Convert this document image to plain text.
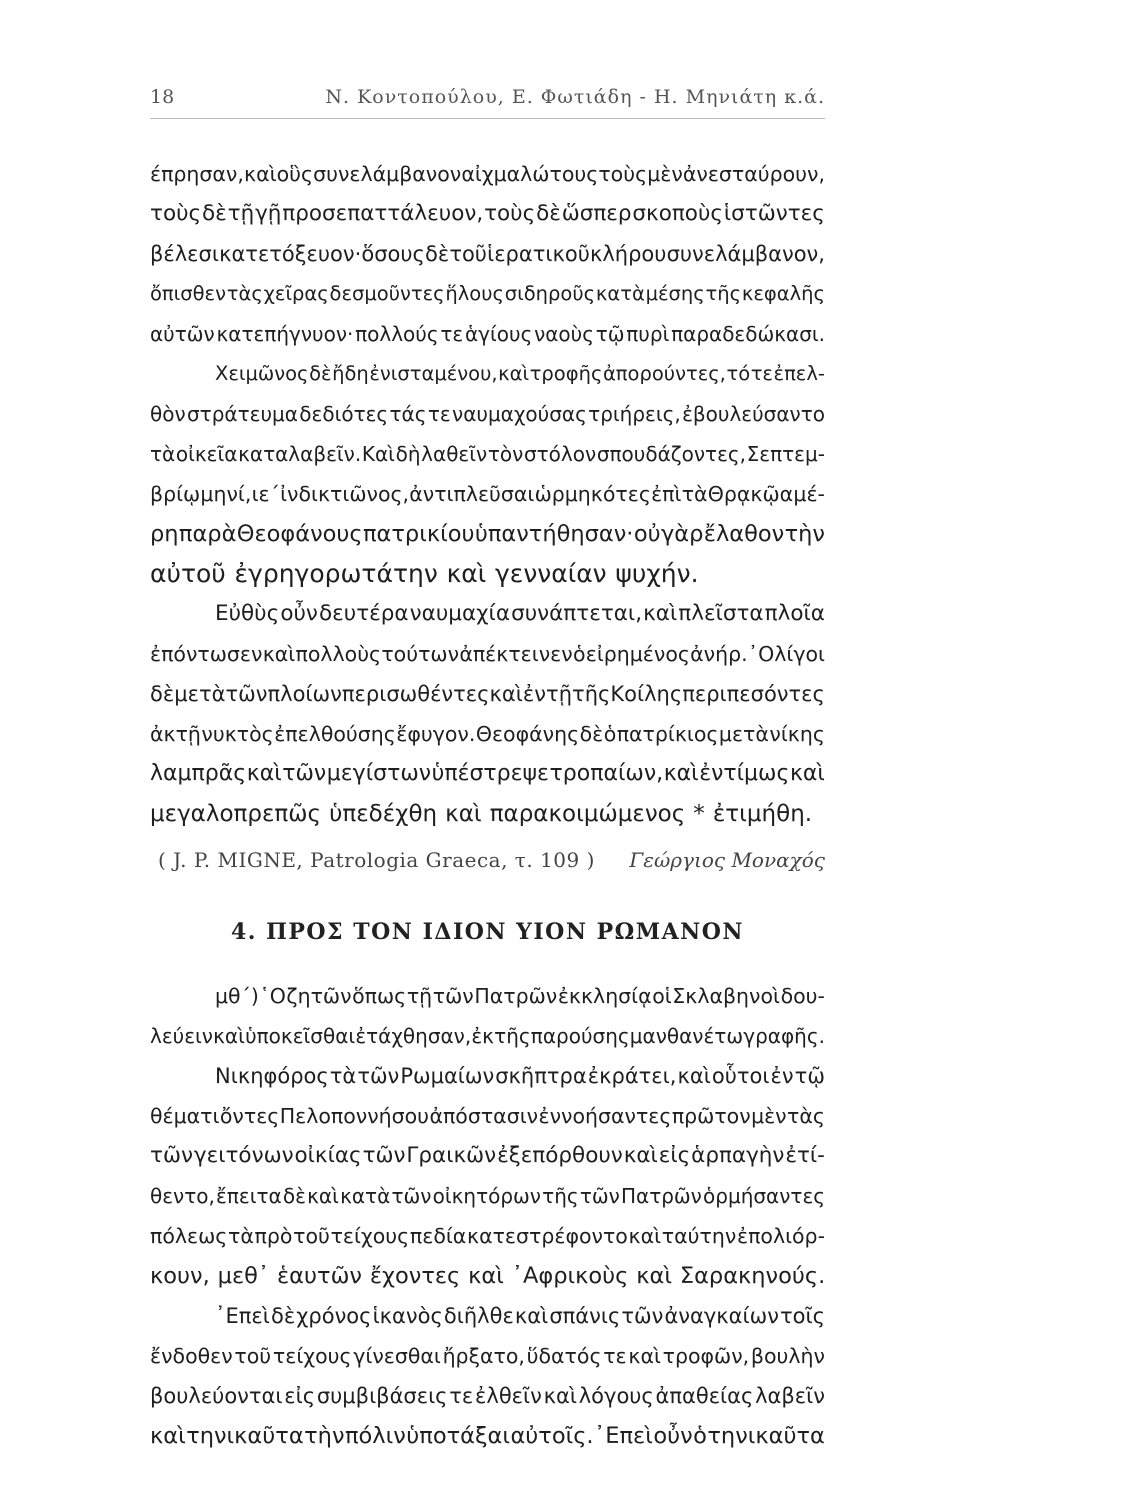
18	Ν. Κοντοπούλου, Ε. Φωτιάδη - Η. Μηνιάτη κ.ά.
έπρησαν, καὶ οὓς συνελάμβανον αἰχμαλώτους τοὺς μὲν ἀνεσταύρουν,
τοὺς δὲ τῇ γῇ προσεπαττάλευον, τοὺς δὲ ὥσπερ σκοποὺς ἱστῶντες
βέλεσι κατετόξευον· ὅσους δὲ τοῦ ἱερατικοῦ κλήρου συνελάμβανον,
ὄπισθεν τὰς χεῖρας δεσμοῦντες ἥλους σιδηροῦς κατὰ μέσης τῆς κεφαλῆς
αὐτῶν κατεπήγνυον· πολλούς τε ἁγίους ναοὺς τῷ πυρὶ παραδεδώκασι.
Χειμῶνος δὲ ἤδη ἐνισταμένου, καὶ τροφῆς ἀπορούντες, τό τε ἐπελ-
θὸν στράτευμα δεδιότες τάς τε ναυμαχούσας τριήρεις, ἐβουλεύσαντο
τὰ οἰκεῖα καταλαβεῖν. Καὶ δὴ λαθεῖν τὸν στόλον σπουδάζοντες, Σεπτεμ-
βρίῳ μηνί, ιε΄ ἰνδικτιῶνος, ἀντιπλεῦσαι ὡρμηκότες ἐπὶ τὰ Θρᾳκῷα μέ-
ρη παρὰ Θεοφάνους πατρικίου ὑπαντήθησαν· οὐ γὰρ ἔλαθον τὴν
αὐτοῦ ἐγρηγορωτάτην καὶ γενναίαν ψυχήν.
Εὐθὺς οὖν δευτέρα ναυμαχία συνάπτεται, καὶ πλεῖστα πλοῖα
ἐπόντωσεν καὶ πολλοὺς τούτων ἀπέκτεινεν ὁ εἰρημένος ἀνήρ. ᾿Ολίγοι
δὲ μετὰ τῶν πλοίων περισωθέντες καὶ ἐν τῇ τῆς Κοίλης περιπεσόντες
ἀκτῇ νυκτὸς ἐπελθούσης ἔφυγον. Θεοφάνης δὲ ὁ πατρίκιος μετὰ νίκης
λαμπρᾶς καὶ τῶν μεγίστων ὑπέστρεψε τροπαίων, καὶ ἐντίμως καὶ
μεγαλοπρεπῶς ὑπεδέχθη καὶ παρακοιμώμενος * ἐτιμήθη.
( J. P. MIGNE, Patrologia Graeca, τ. 109 ) Γεώργιος Μοναχός
4. ΠΡΟΣ ΤΟΝ ΙΔΙΟΝ ΥΙΟΝ ΡΩΜΑΝΟΝ
μθ΄) ῾Ο ζητῶν ὅπως τῇ τῶν Πατρῶν ἐκκλησίᾳ οἱ Σκλαβηνοὶ δου-
λεύειν καὶ ὑποκεῖσθαι ἐτάχθησαν, ἐκ τῆς παρούσης μανθανέτω γραφῆς.
Νικηφόρος τὰ τῶν Ρωμαίων σκῆπτρα ἐκράτει, καὶ οὗτοι ἐν τῷ
θέματι ὄντες Πελοποννήσου ἀπόστασιν ἐννοήσαντες πρῶτον μὲν τὰς
τῶν γειτόνων οἰκίας τῶν Γραικῶν ἐξεπόρθουν καὶ εἰς ἁρπαγὴν ἐτί-
θεντο, ἔπειτα δὲ καὶ κατὰ τῶν οἰκητόρων τῆς τῶν Πατρῶν ὁρμήσαντες
πόλεως τὰ πρὸ τοῦ τείχους πεδία κατεστρέφοντο καὶ ταύτην ἐπολιόρ-
κουν, μεθ᾽ ἑαυτῶν ἔχοντες καὶ ᾿Αφρικοὺς καὶ Σαρακηνούς.
᾿Επεὶ δὲ χρόνος ἱκανὸς διῆλθε καὶ σπάνις τῶν ἀναγκαίων τοῖς
ἔνδοθεν τοῦ τείχους γίνεσθαι ἤρξατο, ὕδατός τε καὶ τροφῶν, βουλὴν
βουλεύονται εἰς συμβιβάσεις τε ἐλθεῖν καὶ λόγους ἀπαθείας λαβεῖν
καὶ τηνικαῦτα τὴν πόλιν ὑποτάξαι αὐτοῖς. ᾿Επεὶ οὖν ὁ τηνικαῦτα
